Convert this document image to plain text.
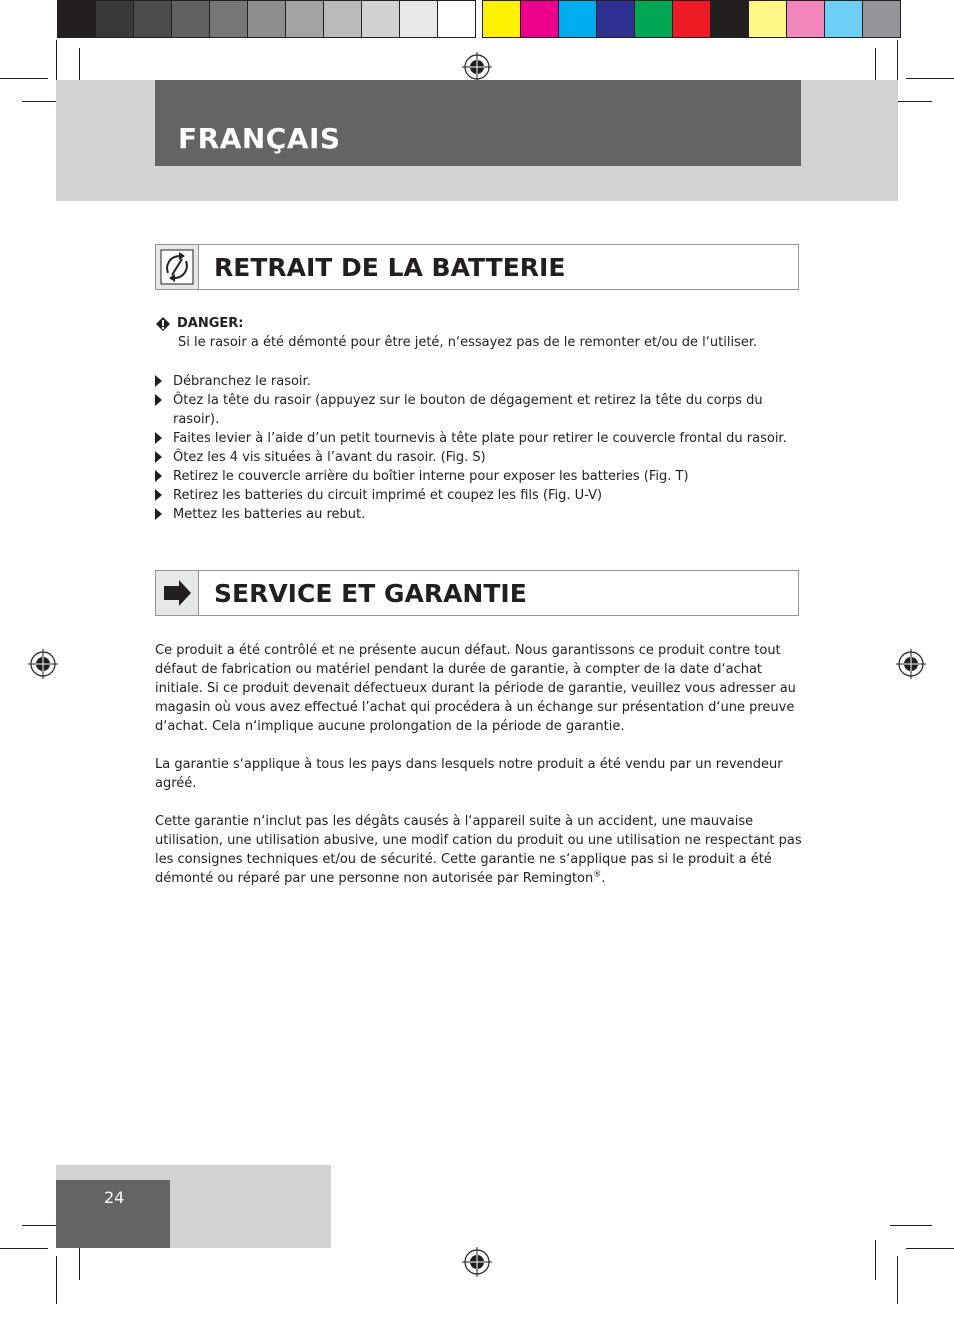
FRANÇAIS
RETRAIT DE LA BATTERIE
DANGER:
Si le rasoir a été démonté pour être jeté, n‘essayez pas de le remonter et/ou de l‘utiliser.
Débranchez le rasoir.
Ôtez la tête du rasoir (appuyez sur le bouton de dégagement et retirez la tête du corps du rasoir).
Faites levier à l’aide d’un petit tournevis à tête plate pour retirer le couvercle frontal du rasoir.
Ôtez les 4 vis situées à l’avant du rasoir. (Fig. S)
Retirez le couvercle arrière du boîtier interne pour exposer les batteries (Fig. T)
Retirez les batteries du circuit imprimé et coupez les fils (Fig. U-V)
Mettez les batteries au rebut.
SERVICE ET GARANTIE

Ce produit a été contrôlé et ne présente aucun défaut. Nous garantissons ce produit contre tout défaut de fabrication ou matériel pendant la durée de garantie, à compter de la date d‘achat initiale. Si ce produit devenait défectueux durant la période de garantie, veuillez vous adresser au magasin où vous avez effectué l’achat qui procédera à un échange sur présentation d‘une preuve d‘achat. Cela n‘implique aucune prolongation de la période de garantie.

La garantie s‘applique à tous les pays dans lesquels notre produit a été vendu par un revendeur agréé.

Cette garantie n‘inclut pas les dégâts causés à l‘appareil suite à un accident, une mauvaise utilisation, une utilisation abusive, une modif cation du produit ou une utilisation ne respectant pas les consignes techniques et/ou de sécurité. Cette garantie ne s‘applique pas si le produit a été démonté ou réparé par une personne non autorisée par Remington®.

24
